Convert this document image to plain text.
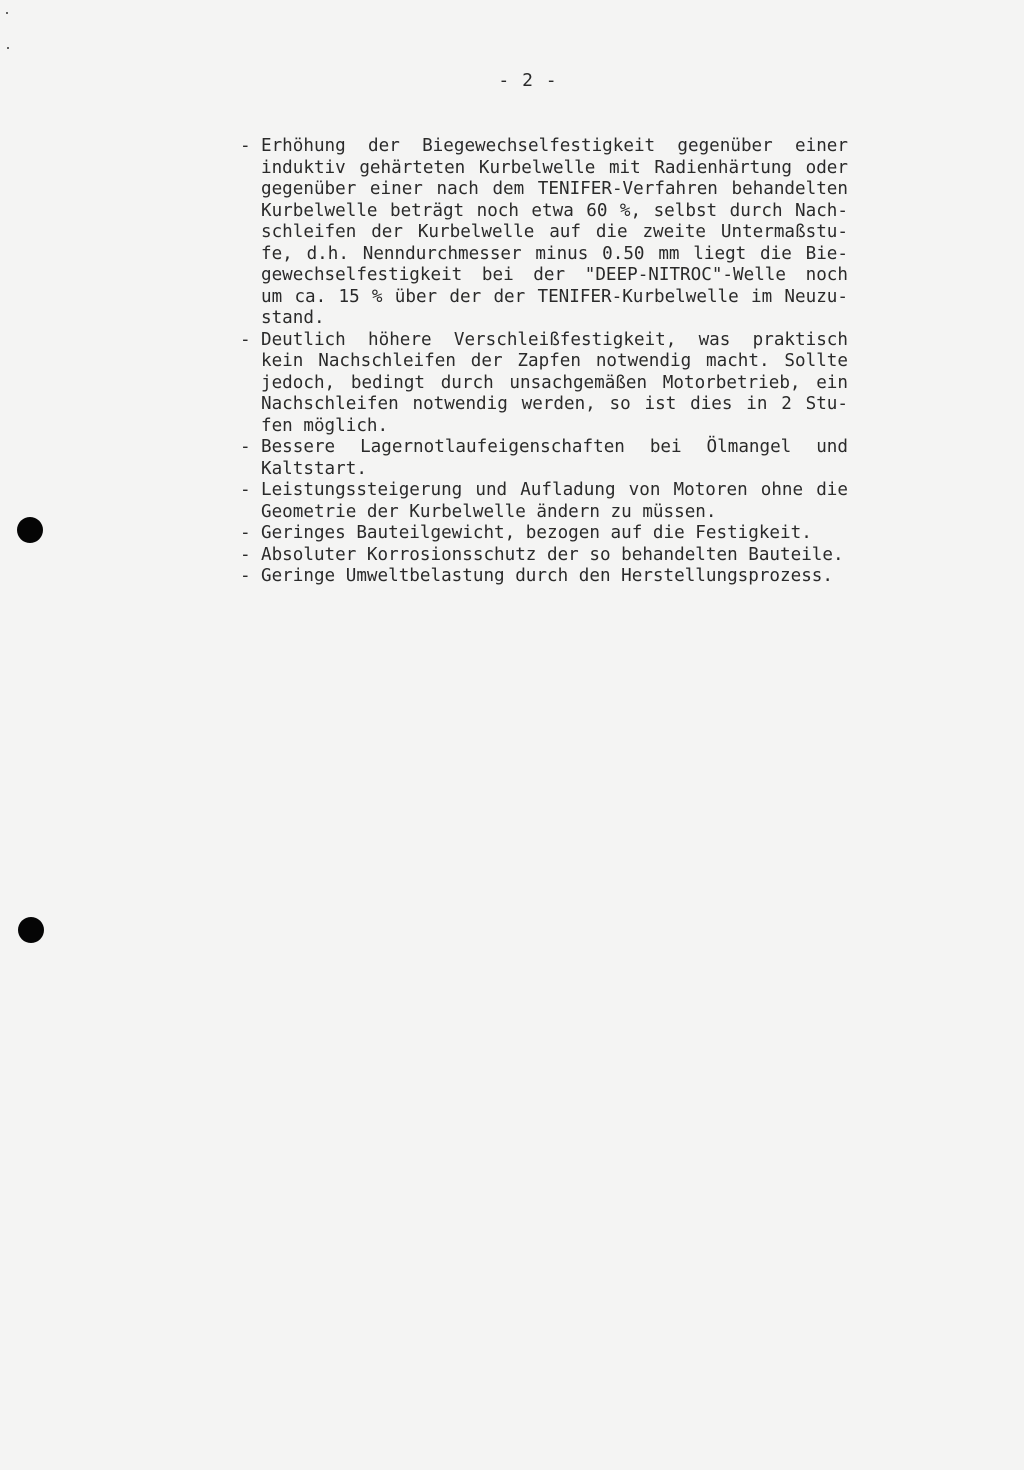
- 2 -
- Erhöhung der Biegewechselfestigkeit gegenüber einer
induktiv gehärteten Kurbelwelle mit Radienhärtung oder
gegenüber einer nach dem TENIFER-Verfahren behandelten
Kurbelwelle beträgt noch etwa 60 %, selbst durch Nach-
schleifen der Kurbelwelle auf die zweite Untermaßstu-
fe, d.h. Nenndurchmesser minus 0.50 mm liegt die Bie-
gewechselfestigkeit bei der "DEEP-NITROC"-Welle noch
um ca. 15 % über der der TENIFER-Kurbelwelle im Neuzu-
stand.
- Deutlich höhere Verschleißfestigkeit, was praktisch
kein Nachschleifen der Zapfen notwendig macht. Sollte
jedoch, bedingt durch unsachgemäßen Motorbetrieb, ein
Nachschleifen notwendig werden, so ist dies in 2 Stu-
fen möglich.
- Bessere Lagernotlaufeigenschaften bei Ölmangel und
Kaltstart.
- Leistungssteigerung und Aufladung von Motoren ohne die
Geometrie der Kurbelwelle ändern zu müssen.
- Geringes Bauteilgewicht, bezogen auf die Festigkeit.
- Absoluter Korrosionsschutz der so behandelten Bauteile.
- Geringe Umweltbelastung durch den Herstellungsprozess.
